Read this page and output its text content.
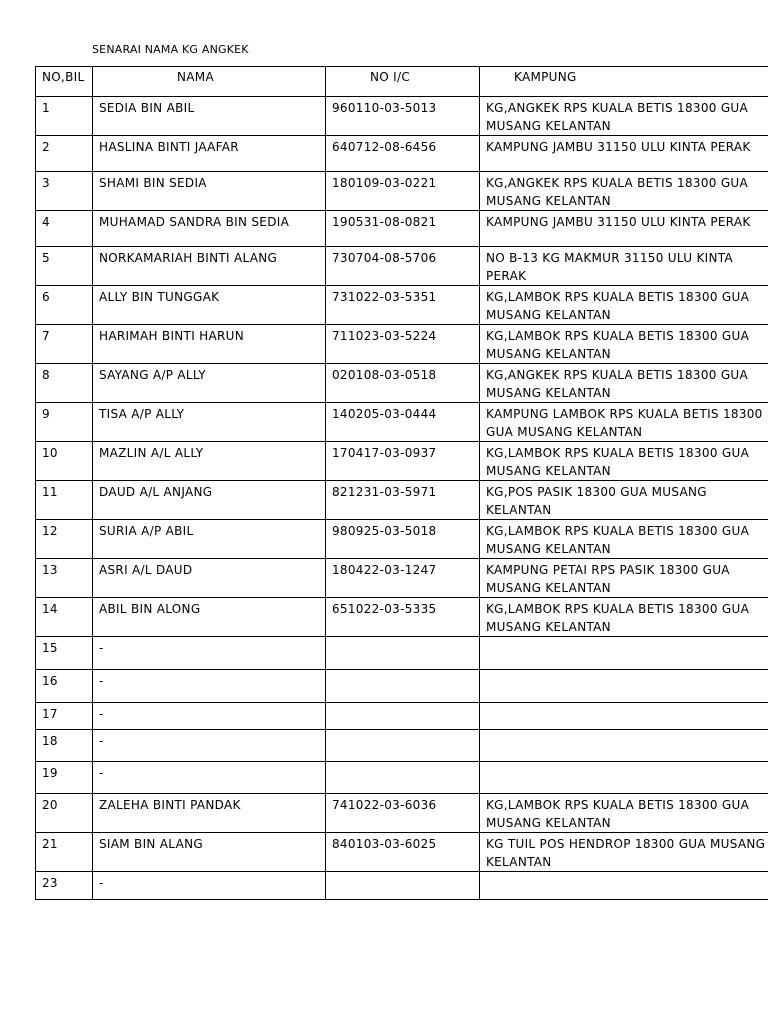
SENARAI NAMA KG ANGKEK
NO,BIL	NAMA	NO I/C	KAMPUNG
1	SEDIA BIN ABIL	960110-03-5013	KG,ANGKEK RPS KUALA BETIS 18300 GUA MUSANG KELANTAN
2	HASLINA BINTI JAAFAR	640712-08-6456	KAMPUNG JAMBU 31150 ULU KINTA PERAK
3	SHAMI BIN SEDIA	180109-03-0221	KG,ANGKEK RPS KUALA BETIS 18300 GUA MUSANG KELANTAN
4	MUHAMAD SANDRA BIN SEDIA	190531-08-0821	KAMPUNG JAMBU 31150 ULU KINTA PERAK
5	NORKAMARIAH BINTI ALANG	730704-08-5706	NO B-13 KG MAKMUR 31150 ULU KINTA PERAK
6	ALLY BIN TUNGGAK	731022-03-5351	KG,LAMBOK RPS KUALA BETIS 18300 GUA MUSANG KELANTAN
7	HARIMAH BINTI HARUN	711023-03-5224	KG,LAMBOK RPS KUALA BETIS 18300 GUA MUSANG KELANTAN
8	SAYANG A/P ALLY	020108-03-0518	KG,ANGKEK RPS KUALA BETIS 18300 GUA MUSANG KELANTAN
9	TISA A/P ALLY	140205-03-0444	KAMPUNG LAMBOK RPS KUALA BETIS 18300 GUA MUSANG KELANTAN
10	MAZLIN A/L ALLY	170417-03-0937	KG,LAMBOK RPS KUALA BETIS 18300 GUA MUSANG KELANTAN
11	DAUD A/L ANJANG	821231-03-5971	KG,POS PASIK 18300 GUA MUSANG KELANTAN
12	SURIA A/P ABIL	980925-03-5018	KG,LAMBOK RPS KUALA BETIS 18300 GUA MUSANG KELANTAN
13	ASRI A/L DAUD	180422-03-1247	KAMPUNG PETAI RPS PASIK 18300 GUA MUSANG KELANTAN
14	ABIL BIN ALONG	651022-03-5335	KG,LAMBOK RPS KUALA BETIS 18300 GUA MUSANG KELANTAN
15	-		
16	-		
17	-		
18	-		
19	-		
20	ZALEHA BINTI PANDAK	741022-03-6036	KG,LAMBOK RPS KUALA BETIS 18300 GUA MUSANG KELANTAN
21	SIAM BIN ALANG	840103-03-6025	KG TUIL POS HENDROP 18300 GUA MUSANG KELANTAN
23	-		
